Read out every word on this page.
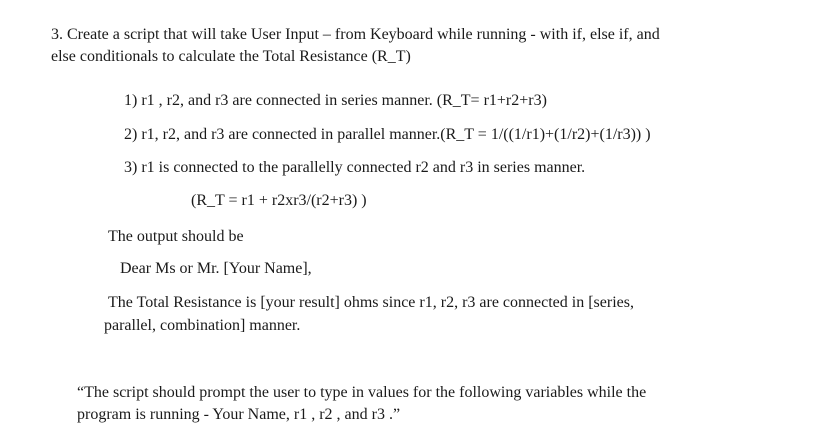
3. Create a script that will take User Input – from Keyboard while running - with if, else if, and
else conditionals to calculate the Total Resistance (R_T)
1) r1 , r2, and r3 are connected in series manner. (R_T= r1+r2+r3)
2) r1, r2, and r3 are connected in parallel manner.(R_T = 1/((1/r1)+(1/r2)+(1/r3)) )
3) r1 is connected to the parallelly connected r2 and r3 in series manner.
(R_T = r1 + r2xr3/(r2+r3) )
The output should be
Dear Ms or Mr. [Your Name],
The Total Resistance is [your result] ohms since r1, r2, r3 are connected in [series,
parallel, combination] manner.
“The script should prompt the user to type in values for the following variables while the
program is running - Your Name, r1 , r2 , and r3 .”
